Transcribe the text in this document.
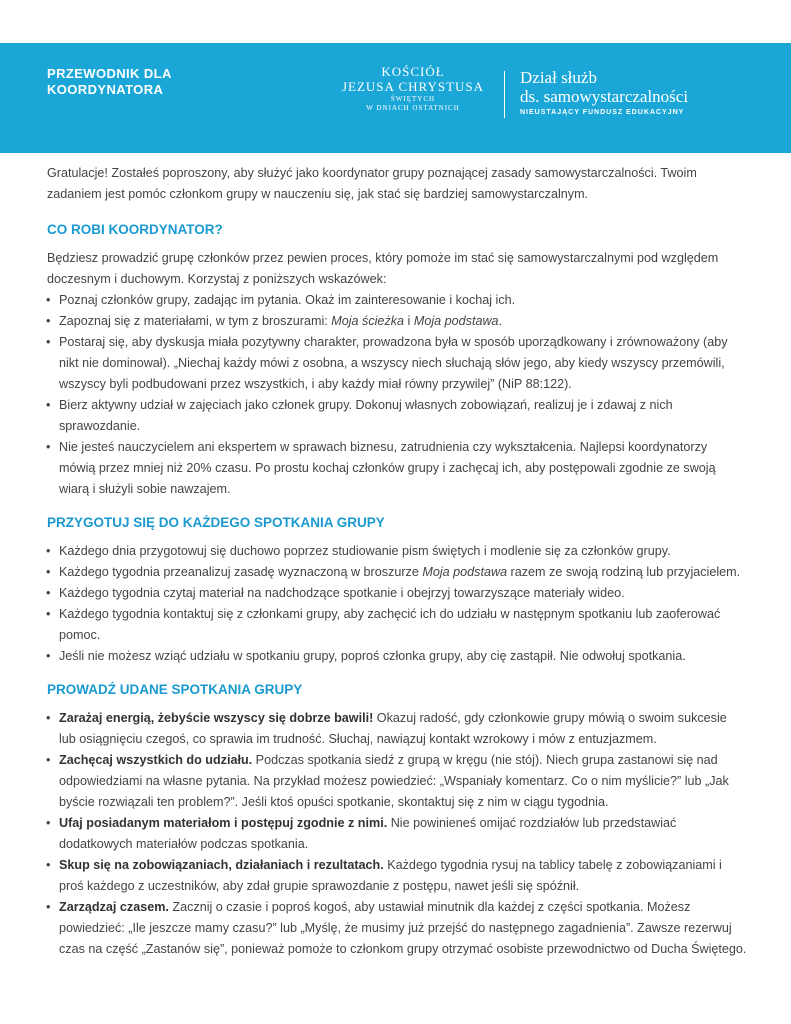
PRZEWODNIK DLA
KOORDYNATORA
KOŚCIÓŁ
JEZUSA CHRYSTUSA
ŚWIĘTYCH
W DNIACH OSTATNICH
Dział służb
ds. samowystarczalności
NIEUSTAJĄCY FUNDUSZ EDUKACYJNY

Gratulacje! Zostałeś poproszony, aby służyć jako koordynator grupy poznającej zasady samowystarczalności. Twoim zadaniem jest pomóc członkom grupy w nauczeniu się, jak stać się bardziej samowystarczalnym.

CO ROBI KOORDYNATOR?

Będziesz prowadzić grupę członków przez pewien proces, który pomoże im stać się samowystarczalnymi pod względem doczesnym i duchowym. Korzystaj z poniższych wskazówek:

• Poznaj członków grupy, zadając im pytania. Okaż im zainteresowanie i kochaj ich.
• Zapoznaj się z materiałami, w tym z broszurami: Moja ścieżka i Moja podstawa.
• Postaraj się, aby dyskusja miała pozytywny charakter, prowadzona była w sposób uporządkowany i zrównoważony (aby nikt nie dominował). „Niechaj każdy mówi z osobna, a wszyscy niech słuchają słów jego, aby kiedy wszyscy przemówili, wszyscy byli podbudowani przez wszystkich, i aby każdy miał równy przywilej” (NiP 88:122).
• Bierz aktywny udział w zajęciach jako członek grupy. Dokonuj własnych zobowiązań, realizuj je i zdawaj z nich sprawozdanie.
• Nie jesteś nauczycielem ani ekspertem w sprawach biznesu, zatrudnienia czy wykształcenia. Najlepsi koordynatorzy mówią przez mniej niż 20% czasu. Po prostu kochaj członków grupy i zachęcaj ich, aby postępowali zgodnie ze swoją wiarą i służyli sobie nawzajem.
PRZYGOTUJ SIĘ DO KAŻDEGO SPOTKANIA GRUPY
• Każdego dnia przygotowuj się duchowo poprzez studiowanie pism świętych i modlenie się za członków grupy.
• Każdego tygodnia przeanalizuj zasadę wyznaczoną w broszurze Moja podstawa razem ze swoją rodziną lub przyjacielem.
• Każdego tygodnia czytaj materiał na nadchodzące spotkanie i obejrzyj towarzyszące materiały wideo.
• Każdego tygodnia kontaktuj się z członkami grupy, aby zachęcić ich do udziału w następnym spotkaniu lub zaoferować pomoc.
• Jeśli nie możesz wziąć udziału w spotkaniu grupy, poproś członka grupy, aby cię zastąpił. Nie odwołuj spotkania.
PROWADŹ UDANE SPOTKANIA GRUPY
• Zarażaj energią, żebyście wszyscy się dobrze bawili! Okazuj radość, gdy członkowie grupy mówią o swoim sukcesie lub osiągnięciu czegoś, co sprawia im trudność. Słuchaj, nawiązuj kontakt wzrokowy i mów z entuzjazmem.
• Zachęcaj wszystkich do udziału. Podczas spotkania siedź z grupą w kręgu (nie stój). Niech grupa zastanowi się nad odpowiedziami na własne pytania. Na przykład możesz powiedzieć: „Wspaniały komentarz. Co o nim myślicie?” lub „Jak byście rozwiązali ten problem?”. Jeśli ktoś opuści spotkanie, skontaktuj się z nim w ciągu tygodnia.
• Ufaj posiadanym materiałom i postępuj zgodnie z nimi. Nie powinieneś omijać rozdziałów lub przedstawiać dodatkowych materiałów podczas spotkania.
• Skup się na zobowiązaniach, działaniach i rezultatach. Każdego tygodnia rysuj na tablicy tabelę z zobowiązaniami i proś każdego z uczestników, aby zdał grupie sprawozdanie z postępu, nawet jeśli się spóźnił.
• Zarządzaj czasem. Zacznij o czasie i poproś kogoś, aby ustawiał minutnik dla każdej z części spotkania. Możesz powiedzieć: „Ile jeszcze mamy czasu?” lub „Myślę, że musimy już przejść do następnego zagadnienia”. Zawsze rezerwuj czas na część „Zastanów się”, ponieważ pomoże to członkom grupy otrzymać osobiste przewodnictwo od Ducha Świętego.
